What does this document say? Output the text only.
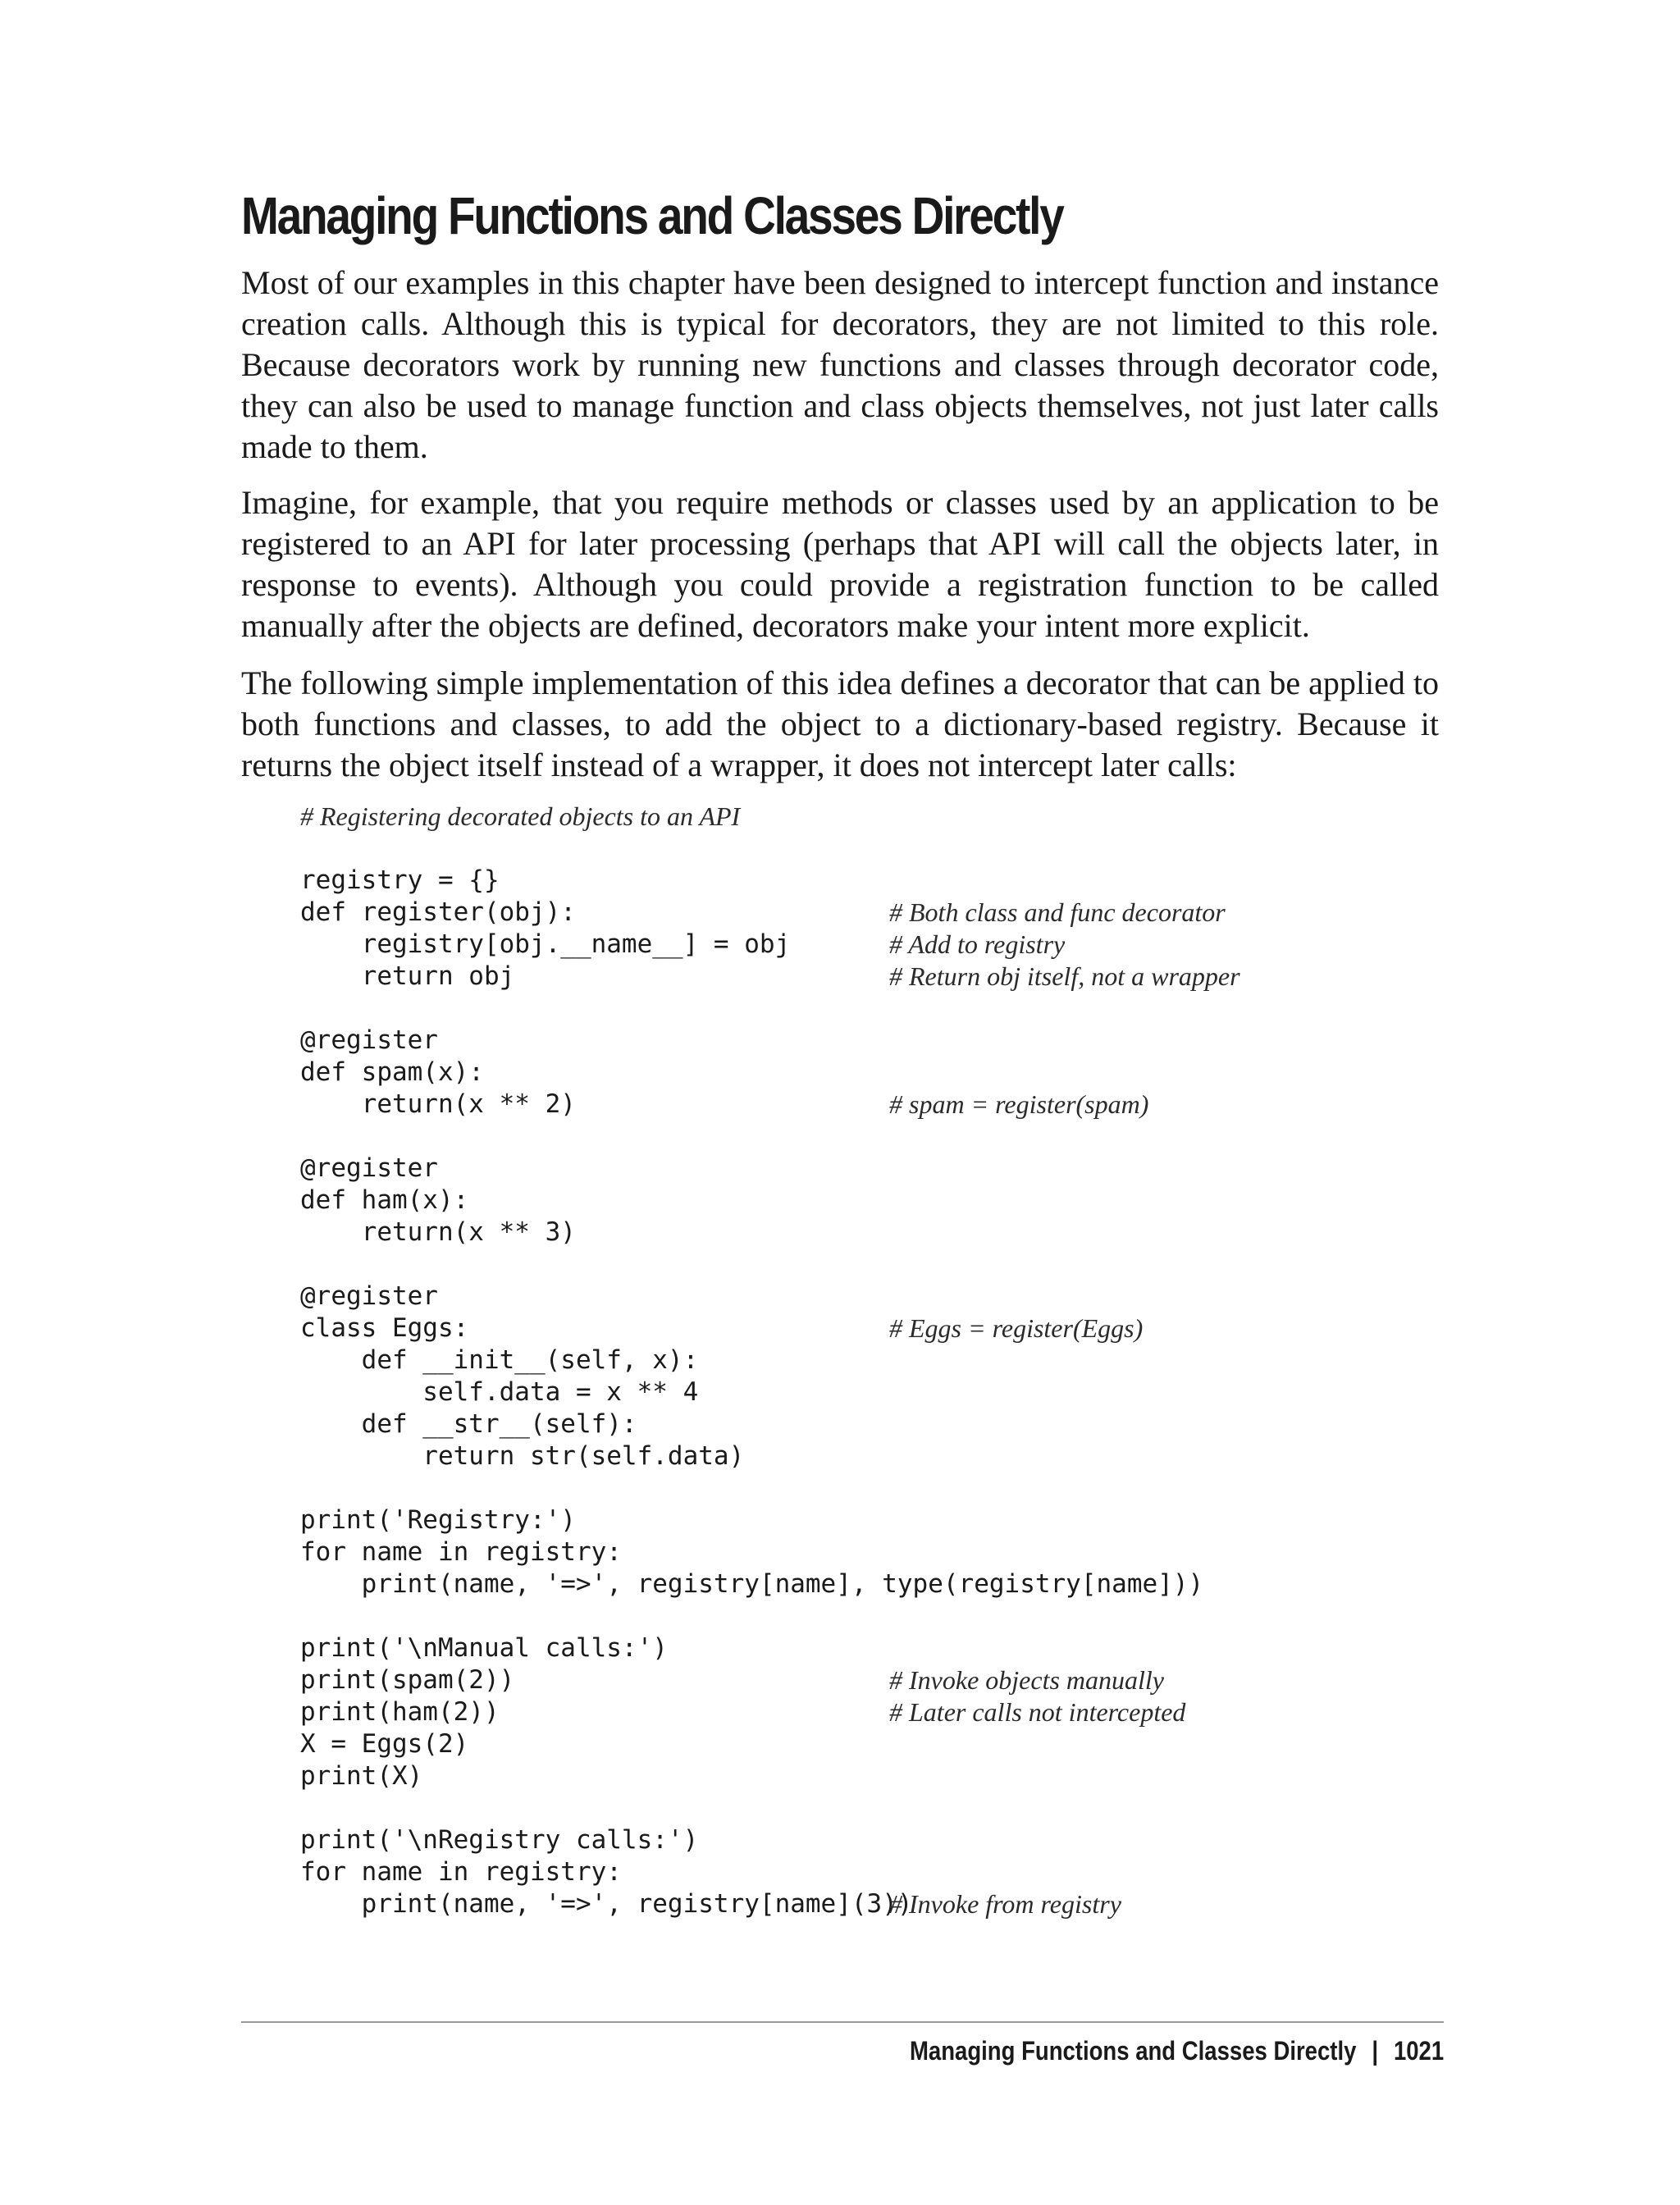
Managing Functions and Classes Directly

Most of our examples in this chapter have been designed to intercept function and instance creation calls. Although this is typical for decorators, they are not limited to this role. Because decorators work by running new functions and classes through decorator code, they can also be used to manage function and class objects themselves, not just later calls made to them.

Imagine, for example, that you require methods or classes used by an application to be registered to an API for later processing (perhaps that API will call the objects later, in response to events). Although you could provide a registration function to be called manually after the objects are defined, decorators make your intent more explicit.

The following simple implementation of this idea defines a decorator that can be applied to both functions and classes, to add the object to a dictionary-based registry. Because it returns the object itself instead of a wrapper, it does not intercept later calls:

# Registering decorated objects to an API
registry = {}
def register(obj):	# Both class and func decorator
registry[obj.__name__] = obj	# Add to registry
return obj	# Return obj itself, not a wrapper
@register
def spam(x):
return(x ** 2)	# spam = register(spam)
@register
def ham(x):
return(x ** 3)
@register
class Eggs:	# Eggs = register(Eggs)
def __init__(self, x):
self.data = x ** 4
def __str__(self):
return str(self.data)
print('Registry:')
for name in registry:
print(name, '=>', registry[name], type(registry[name]))
print('\nManual calls:')
print(spam(2))	# Invoke objects manually
print(ham(2))	# Later calls not intercepted
X = Eggs(2)
print(X)
print('\nRegistry calls:')
for name in registry:
print(name, '=>', registry[name](3))
# Invoke from registry
Managing Functions and Classes Directly | 1021
